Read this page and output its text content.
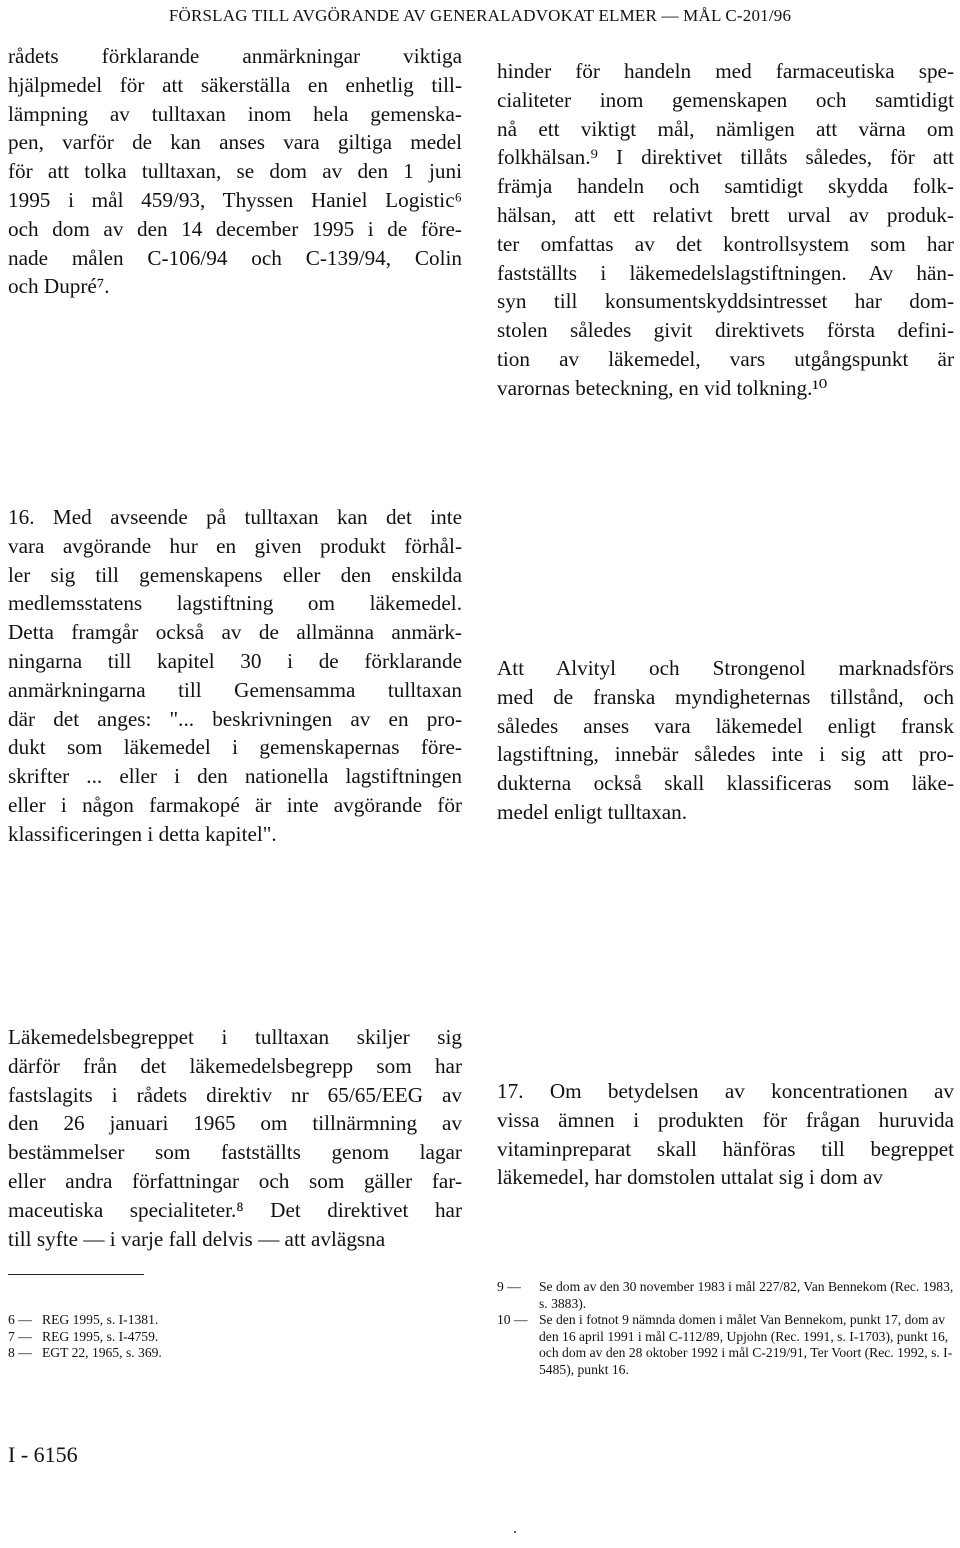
FÖRSLAG TILL AVGÖRANDE AV GENERALADVOKAT ELMER — MÅL C-201/96
rådets förklarande anmärkningar viktiga
hjälpmedel för att säkerställa en enhetlig till-
lämpning av tulltaxan inom hela gemenska-
pen, varför de kan anses vara giltiga medel
för att tolka tulltaxan, se dom av den 1 juni
1995 i mål 459/93, Thyssen Haniel Logistic⁶
och dom av den 14 december 1995 i de före-
nade målen C-106/94 och C-139/94, Colin
och Dupré⁷.
hinder för handeln med farmaceutiska spe-
cialiteter inom gemenskapen och samtidigt
nå ett viktigt mål, nämligen att värna om
folkhälsan.⁹ I direktivet tillåts således, för att
främja handeln och samtidigt skydda folk-
hälsan, att ett relativt brett urval av produk-
ter omfattas av det kontrollsystem som har
fastställts i läkemedelslagstiftningen. Av hän-
syn till konsumentskyddsintresset har dom-
stolen således givit direktivets första defini-
tion av läkemedel, vars utgångspunkt är
varornas beteckning, en vid tolkning.¹⁰
16. Med avseende på tulltaxan kan det inte
vara avgörande hur en given produkt förhål-
ler sig till gemenskapens eller den enskilda
medlemsstatens lagstiftning om läkemedel.
Detta framgår också av de allmänna anmärk-
ningarna till kapitel 30 i de förklarande
anmärkningarna till Gemensamma tulltaxan
där det anges: "... beskrivningen av en pro-
dukt som läkemedel i gemenskapernas före-
skrifter ... eller i den nationella lagstiftningen
eller i någon farmakopé är inte avgörande för
klassificeringen i detta kapitel".
Att Alvityl och Strongenol marknadsförs
med de franska myndigheternas tillstånd, och
således anses vara läkemedel enligt fransk
lagstiftning, innebär således inte i sig att pro-
dukterna också skall klassificeras som läke-
medel enligt tulltaxan.
Läkemedelsbegreppet i tulltaxan skiljer sig
därför från det läkemedelsbegrepp som har
fastslagits i rådets direktiv nr 65/65/EEG av
den 26 januari 1965 om tillnärmning av
bestämmelser som fastställts genom lagar
eller andra författningar och som gäller far-
maceutiska specialiteter.⁸ Det direktivet har
till syfte — i varje fall delvis — att avlägsna
17. Om betydelsen av koncentrationen av
vissa ämnen i produkten för frågan huruvida
vitaminpreparat skall hänföras till begreppet
läkemedel, har domstolen uttalat sig i dom av
6 — REG 1995, s. I-1381.
7 — REG 1995, s. I-4759.
8 — EGT 22, 1965, s. 369.
9 —	Se dom av den 30 november 1983 i mål 227/82, Van Bennekom (Rec. 1983, s. 3883).
10 — Se den i fotnot 9 nämnda domen i målet Van Bennekom, punkt 17, dom av den 16 april 1991 i mål C-112/89, Upjohn (Rec. 1991, s. I-1703), punkt 16, och dom av den 28 oktober 1992 i mål C-219/91, Ter Voort (Rec. 1992, s. I-5485), punkt 16.
I - 6156
